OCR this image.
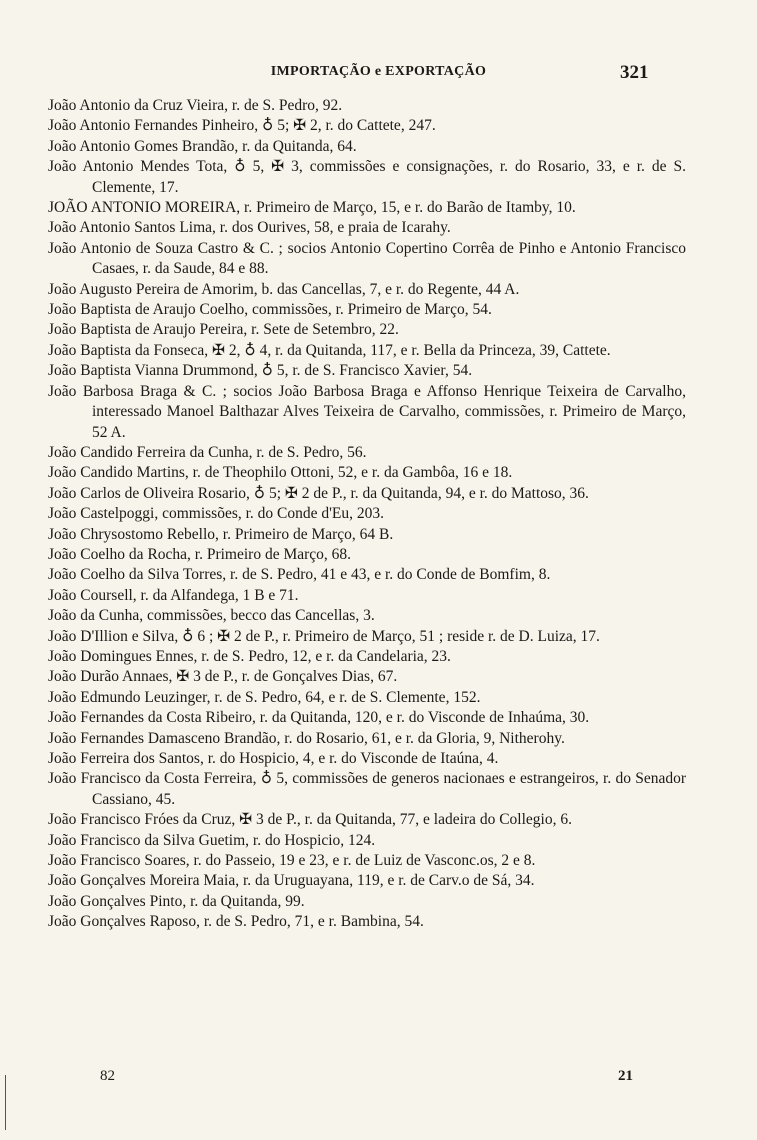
IMPORTAÇÃO e EXPORTAÇÃO	321

João Antonio da Cruz Vieira, r. de S. Pedro, 92.

João Antonio Fernandes Pinheiro, ♁ 5; ✠ 2, r. do Cattete, 247.

João Antonio Gomes Brandão, r. da Quitanda, 64.

João Antonio Mendes Tota, ♁ 5, ✠ 3, commissões e consignações, r. do Rosario, 33, e r. de S. Clemente, 17.

JOÃO ANTONIO MOREIRA, r. Primeiro de Março, 15, e r. do Barão de Itamby, 10.

João Antonio Santos Lima, r. dos Ourives, 58, e praia de Icarahy.

João Antonio de Souza Castro & C. ; socios Antonio Copertino Corrêa de Pinho e Antonio Francisco Casaes, r. da Saude, 84 e 88.

João Augusto Pereira de Amorim, b. das Cancellas, 7, e r. do Regente, 44 A.

João Baptista de Araujo Coelho, commissões, r. Primeiro de Março, 54.

João Baptista de Araujo Pereira, r. Sete de Setembro, 22.

João Baptista da Fonseca, ✠ 2, ♁ 4, r. da Quitanda, 117, e r. Bella da Princeza, 39, Cattete.

João Baptista Vianna Drummond, ♁ 5, r. de S. Francisco Xavier, 54.

João Barbosa Braga & C. ; socios João Barbosa Braga e Affonso Henrique Teixeira de Carvalho, interessado Manoel Balthazar Alves Teixeira de Carvalho, commissões, r. Primeiro de Março, 52 A.

João Candido Ferreira da Cunha, r. de S. Pedro, 56.

João Candido Martins, r. de Theophilo Ottoni, 52, e r. da Gambôa, 16 e 18.

João Carlos de Oliveira Rosario, ♁ 5; ✠ 2 de P., r. da Quitanda, 94, e r. do Mattoso, 36.

João Castelpoggi, commissões, r. do Conde d'Eu, 203.

João Chrysostomo Rebello, r. Primeiro de Março, 64 B.

João Coelho da Rocha, r. Primeiro de Março, 68.

João Coelho da Silva Torres, r. de S. Pedro, 41 e 43, e r. do Conde de Bomfim, 8.

João Coursell, r. da Alfandega, 1 B e 71.

João da Cunha, commissões, becco das Cancellas, 3.

João D'Illion e Silva, ♁ 6 ; ✠ 2 de P., r. Primeiro de Março, 51 ; reside r. de D. Luiza, 17.

João Domingues Ennes, r. de S. Pedro, 12, e r. da Candelaria, 23.

João Durão Annaes, ✠ 3 de P., r. de Gonçalves Dias, 67.

João Edmundo Leuzinger, r. de S. Pedro, 64, e r. de S. Clemente, 152.

João Fernandes da Costa Ribeiro, r. da Quitanda, 120, e r. do Visconde de Inhaúma, 30.

João Fernandes Damasceno Brandão, r. do Rosario, 61, e r. da Gloria, 9, Nitherohy.

João Ferreira dos Santos, r. do Hospicio, 4, e r. do Visconde de Itaúna, 4.

João Francisco da Costa Ferreira, ♁ 5, commissões de generos nacionaes e estrangeiros, r. do Senador Cassiano, 45.

João Francisco Fróes da Cruz, ✠ 3 de P., r. da Quitanda, 77, e ladeira do Collegio, 6.

João Francisco da Silva Guetim, r. do Hospicio, 124.

João Francisco Soares, r. do Passeio, 19 e 23, e r. de Luiz de Vasconc.os, 2 e 8.

João Gonçalves Moreira Maia, r. da Uruguayana, 119, e r. de Carv.o de Sá, 34.

João Gonçalves Pinto, r. da Quitanda, 99.

João Gonçalves Raposo, r. de S. Pedro, 71, e r. Bambina, 54.

82	21
